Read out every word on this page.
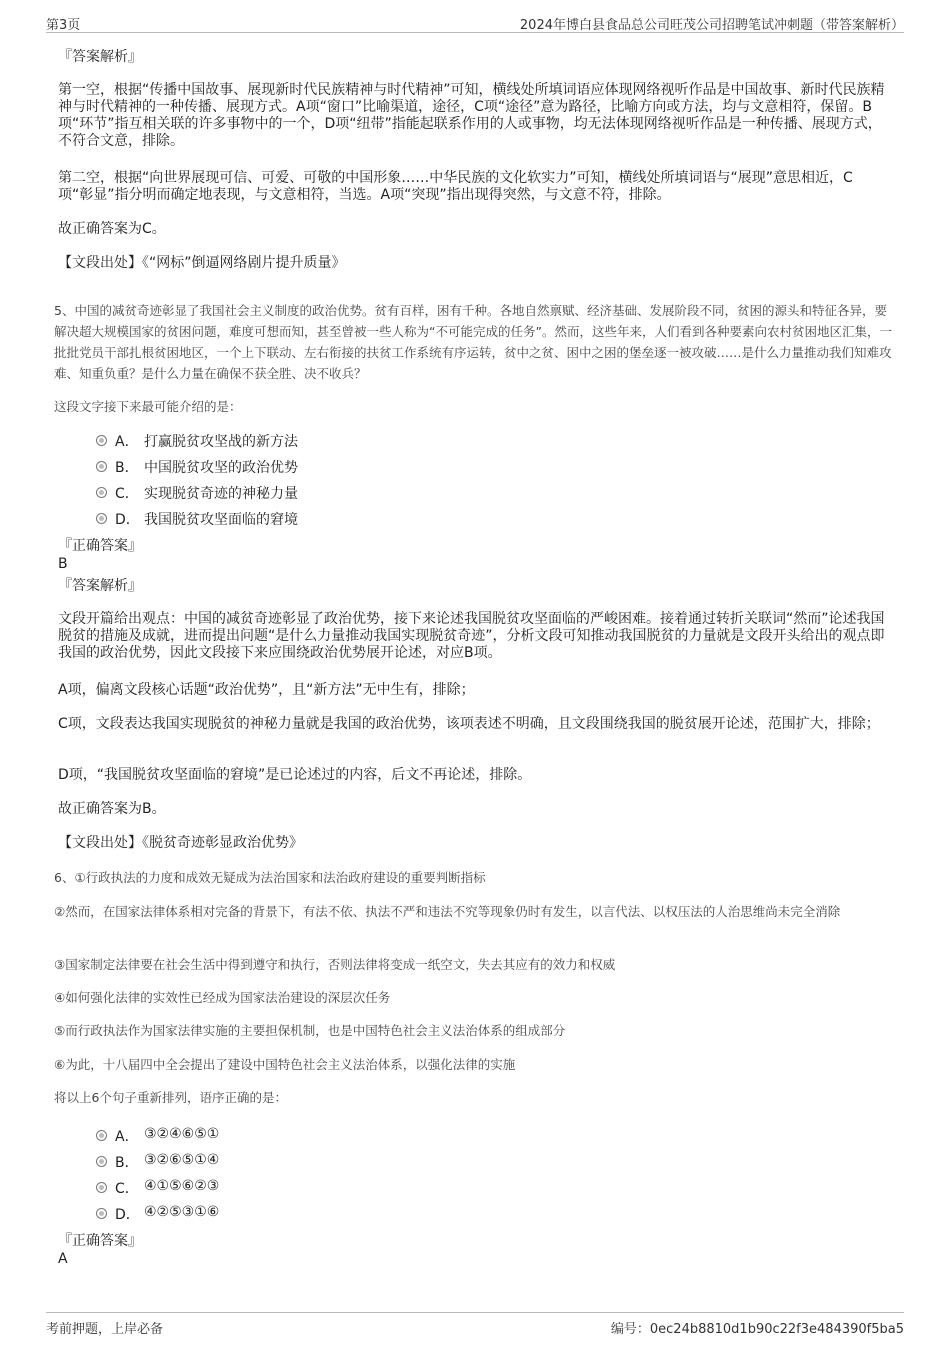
第3页	2024年博白县食品总公司旺茂公司招聘笔试冲刺题（带答案解析）
『答案解析』
第一空，根据“传播中国故事、展现新时代民族精神与时代精神”可知，横线处所填词语应体现网络视听作品是中国故事、新时代民族精神与时代精神的一种传播、展现方式。A项“窗口”比喻渠道，途径，C项“途径”意为路径，比喻方向或方法，均与文意相符，保留。B项“环节”指互相关联的许多事物中的一个，D项“纽带”指能起联系作用的人或事物，均无法体现网络视听作品是一种传播、展现方式，不符合文意，排除。
第二空，根据“向世界展现可信、可爱、可敬的中国形象……中华民族的文化软实力”可知，横线处所填词语与“展现”意思相近，C项“彰显”指分明而确定地表现，与文意相符，当选。A项“突现”指出现得突然，与文意不符，排除。
故正确答案为C。
【文段出处】《“网标”倒逼网络剧片提升质量》
5、中国的减贫奇迹彰显了我国社会主义制度的政治优势。贫有百样，困有千种。各地自然禀赋、经济基础、发展阶段不同，贫困的源头和特征各异，要解决超大规模国家的贫困问题，难度可想而知，甚至曾被一些人称为“不可能完成的任务”。然而，这些年来，人们看到各种要素向农村贫困地区汇集，一批批党员干部扎根贫困地区，一个上下联动、左右衔接的扶贫工作系统有序运转，贫中之贫、困中之困的堡垒逐一被攻破……是什么力量推动我们知难攻难、知重负重？是什么力量在确保不获全胜、决不收兵？
这段文字接下来最可能介绍的是：
A． 打赢脱贫攻坚战的新方法
B． 中国脱贫攻坚的政治优势
C． 实现脱贫奇迹的神秘力量
D． 我国脱贫攻坚面临的窘境
『正确答案』
B
『答案解析』
文段开篇给出观点：中国的减贫奇迹彰显了政治优势，接下来论述我国脱贫攻坚面临的严峻困难。接着通过转折关联词“然而”论述我国脱贫的措施及成就，进而提出问题“是什么力量推动我国实现脱贫奇迹”，分析文段可知推动我国脱贫的力量就是文段开头给出的观点即我国的政治优势，因此文段接下来应围绕政治优势展开论述，对应B项。
A项，偏离文段核心话题“政治优势”，且“新方法”无中生有，排除；
C项，文段表达我国实现脱贫的神秘力量就是我国的政治优势，该项表述不明确，且文段围绕我国的脱贫展开论述，范围扩大，排除；
D项，“我国脱贫攻坚面临的窘境”是已论述过的内容，后文不再论述，排除。
故正确答案为B。
【文段出处】《脱贫奇迹彰显政治优势》
6、①行政执法的力度和成效无疑成为法治国家和法治政府建设的重要判断指标
②然而，在国家法律体系相对完备的背景下，有法不依、执法不严和违法不究等现象仍时有发生，以言代法、以权压法的人治思维尚未完全消除
③国家制定法律要在社会生活中得到遵守和执行，否则法律将变成一纸空文，失去其应有的效力和权威
④如何强化法律的实效性已经成为国家法治建设的深层次任务
⑤而行政执法作为国家法律实施的主要担保机制，也是中国特色社会主义法治体系的组成部分
⑥为此，十八届四中全会提出了建设中国特色社会主义法治体系，以强化法律的实施
将以上6个句子重新排列，语序正确的是：
A． ③②④⑥⑤①
B． ③②⑥⑤①④
C． ④①⑤⑥②③
D． ④②⑤③①⑥
『正确答案』
A
考前押题，上岸必备	编号：0ec24b8810d1b90c22f3e484390f5ba5
